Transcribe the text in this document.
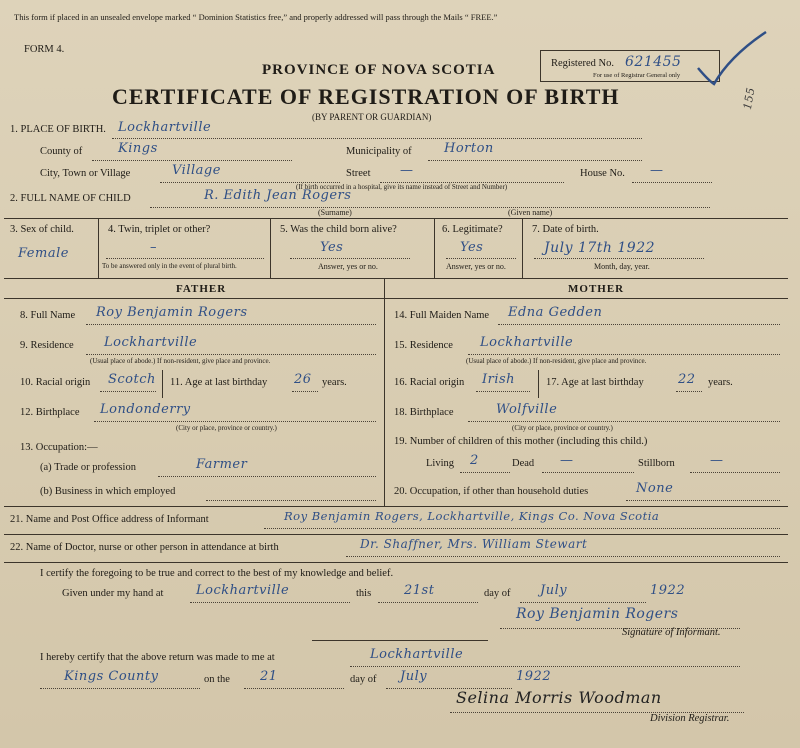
This form if placed in an unsealed envelope marked “ Dominion Statistics free,” and properly addressed will pass through the Mails “ FREE.”
FORM 4.
PROVINCE OF NOVA SCOTIA
CERTIFICATE OF REGISTRATION OF BIRTH
(BY PARENT OR GUARDIAN)
Registered No. 621455
For use of Registrar General only
155
1. PLACE OF BIRTH. Lockhartville
County of	Kings	Municipality of Horton
City, Town or Village	Village	Street —
(If birth occurred in a hospital, give its name instead of Street and Number)
House No. —
2. FULL NAME OF CHILD	R. Edith Jean Rogers
(Surname)	(Given name)
3. Sex of child.
Female
4. Twin, triplet or other?
–
To be answered only in the event of plural birth.
5. Was the child born alive?
Yes
Answer, yes or no.
6. Legitimate?
Yes
Answer, yes or no.
7. Date of birth.
July 17th 1922
Month, day, year.
FATHER	MOTHER
8. Full Name Roy Benjamin Rogers
9. Residence Lockhartville
(Usual place of abode.) If non-resident, give place and province.
10. Racial origin Scotch 11. Age at last birthday 26 years.
12. Birthplace Londonderry
(City or place, province or country.)
13. Occupation:—
(a) Trade or profession	Farmer
(b) Business in which employed
14. Full Maiden Name Edna Gedden
15. Residence Lockhartville
(Usual place of abode.) If non-resident, give place and province.
16. Racial origin Irish	17. Age at last birthday	22 years.
18. Birthplace	Wolfville
(City or place, province or country.)
19. Number of children of this mother (including this child.)
Living 2	Dead —	Stillborn	—
20. Occupation, if other than household duties	None
21. Name and Post Office address of Informant	Roy Benjamin Rogers, Lockhartville, Kings Co. Nova Scotia
22. Name of Doctor, nurse or other person in attendance at birth	Dr. Shaffner, Mrs. William Stewart
I certify the foregoing to be true and correct to the best of my knowledge and belief.
Given under my hand at	Lockhartville	this	21st	day of July	1922
Roy Benjamin Rogers
Signature of Informant.
I hereby certify that the above return was made to me at	Lockhartville
Kings County	on the 21	day of July	1922
Selina Morris Woodman
Division Registrar.
